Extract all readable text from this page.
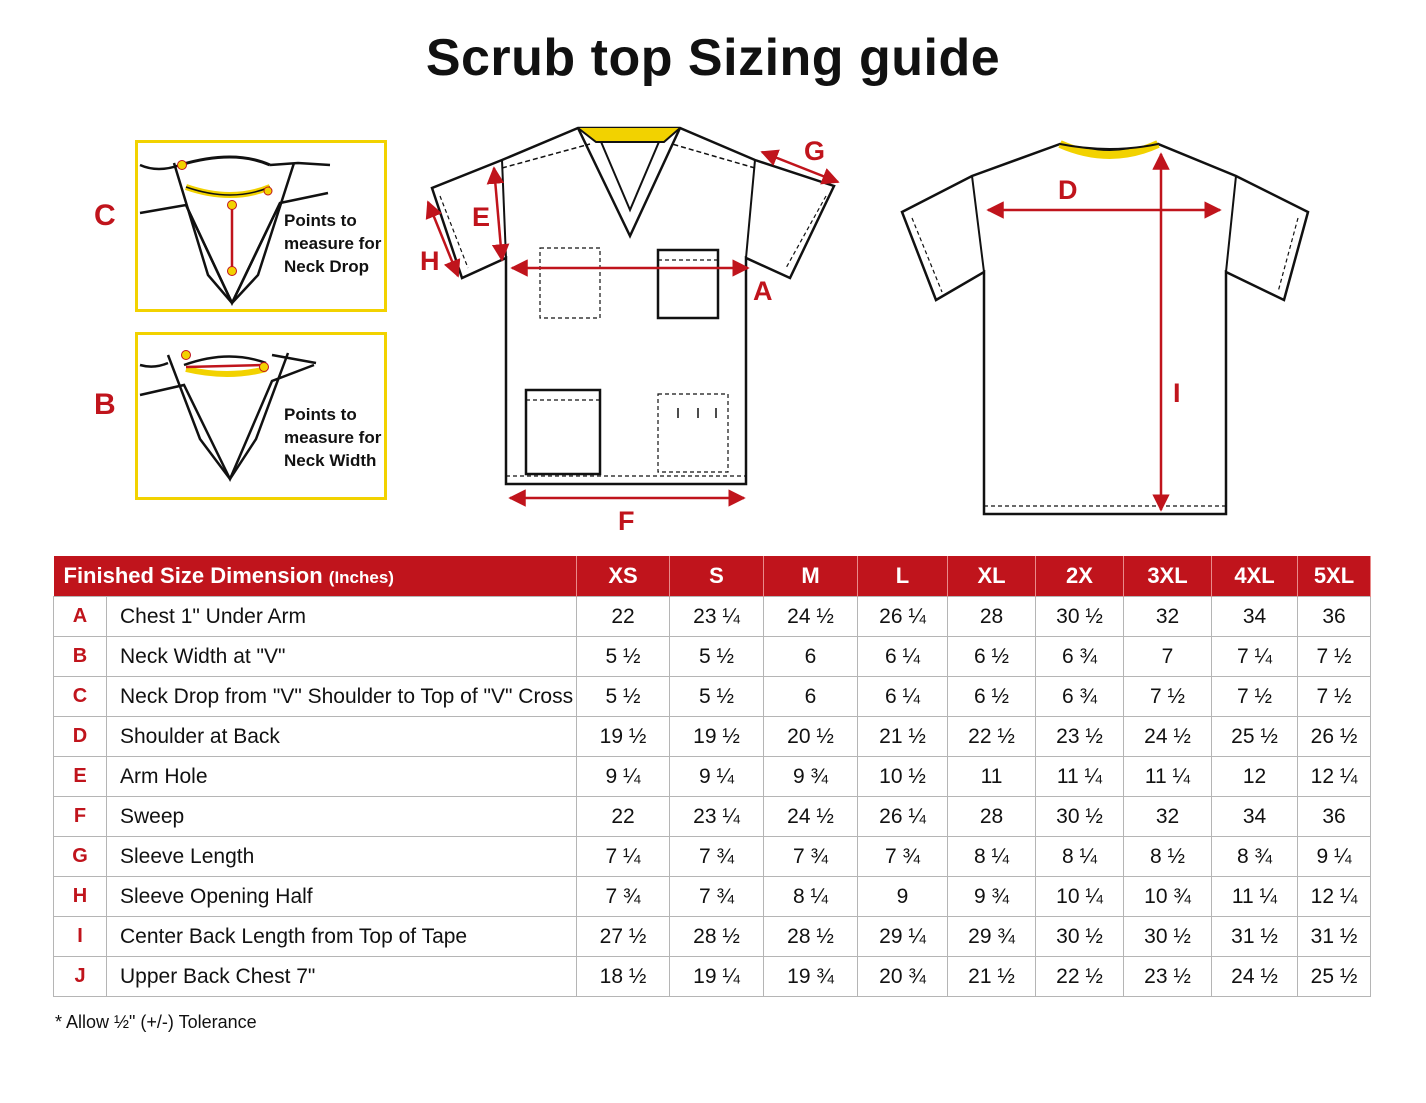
Scrub top Sizing guide
C	Points to
measure for
Neck Drop
B	Points to
measure for
Neck Width
E
H
G
A
F
D
I
Finished Size Dimension (Inches)		XS	S	M	L	XL	2X	3XL	4XL	5XL
A	Chest 1" Under Arm	22	23 ¼	24 ½	26 ¼	28	30 ½	32	34	36
B	Neck Width at "V"	5 ½	5 ½	6	6 ¼	6 ½	6 ¾	7	7 ¼	7 ½
C	Neck Drop from "V" Shoulder to Top of "V" Cross	5 ½	5 ½	6	6 ¼	6 ½	6 ¾	7 ½	7 ½	7 ½
D	Shoulder at Back	19 ½	19 ½	20 ½	21 ½	22 ½	23 ½	24 ½	25 ½	26 ½
E	Arm Hole	9 ¼	9 ¼	9 ¾	10 ½	11	11 ¼	11 ¼	12	12 ¼
F	Sweep	22	23 ¼	24 ½	26 ¼	28	30 ½	32	34	36
G	Sleeve Length	7 ¼	7 ¾	7 ¾	7 ¾	8 ¼	8 ¼	8 ½	8 ¾	9 ¼
H	Sleeve Opening Half	7 ¾	7 ¾	8 ¼	9	9 ¾	10 ¼	10 ¾	11 ¼	12 ¼
I	Center Back Length from Top of Tape	27 ½	28 ½	28 ½	29 ¼	29 ¾	30 ½	30 ½	31 ½	31 ½
J	Upper Back Chest 7"	18 ½	19 ¼	19 ¾	20 ¾	21 ½	22 ½	23 ½	24 ½	25 ½
* Allow ½" (+/-) Tolerance
